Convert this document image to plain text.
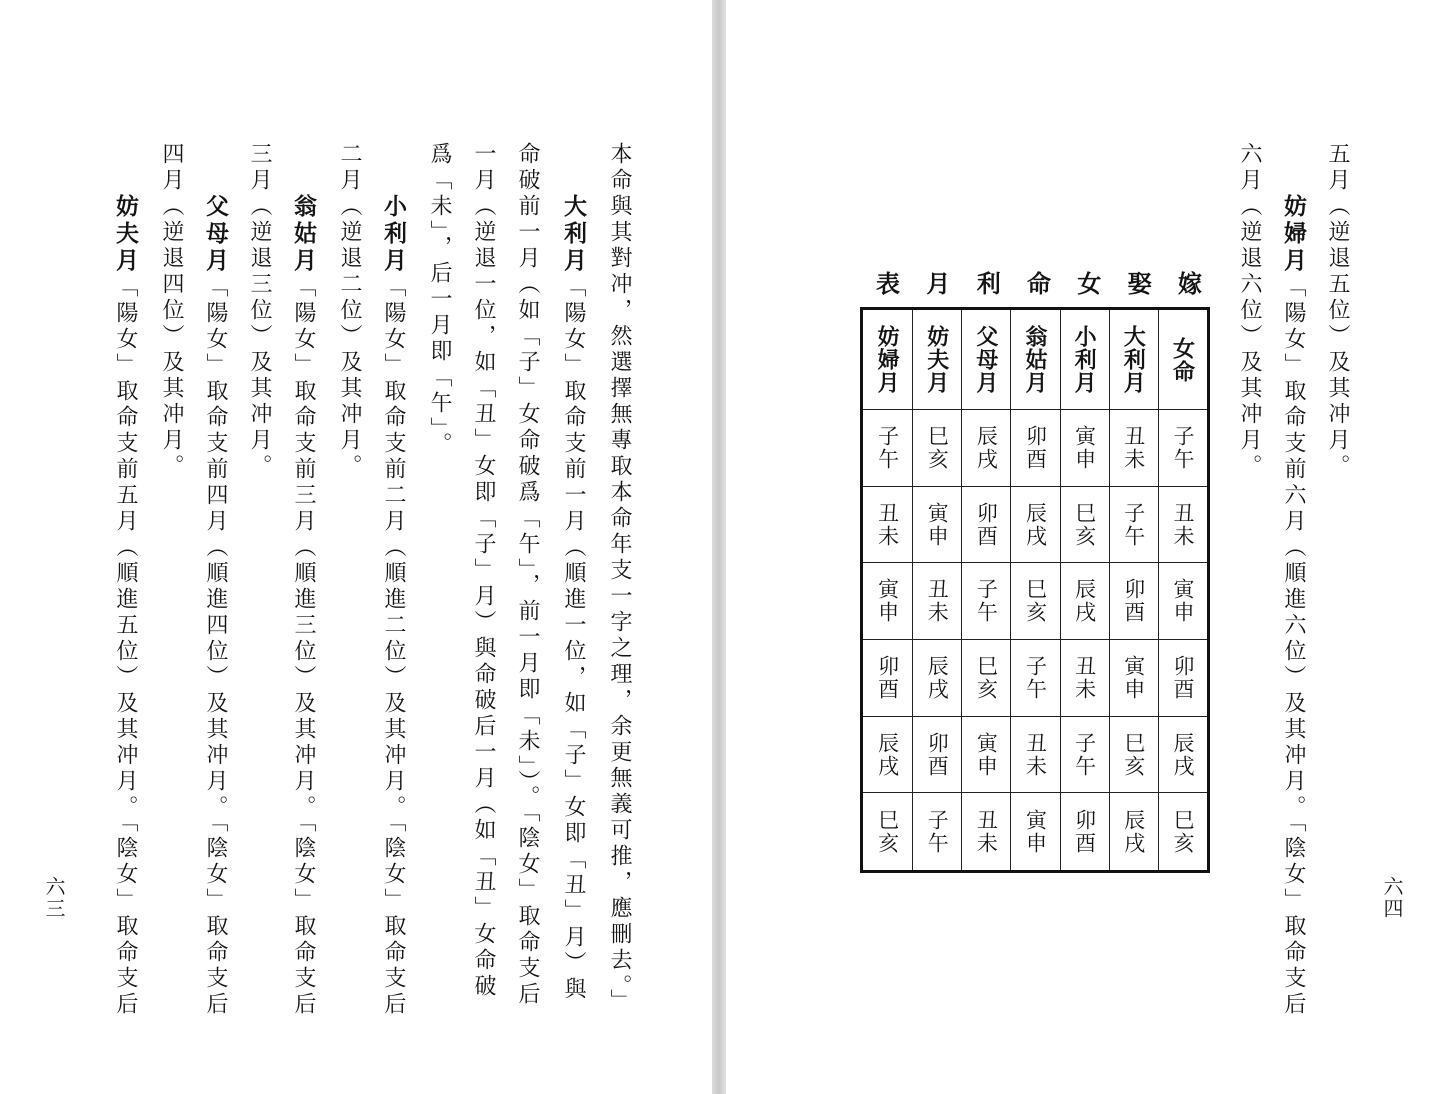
本命與其對冲，然選擇無專取本命年支一字之理，余更無義可推，應刪去。」
命破前一月（如「子」女命破爲「午」，前一月即「未」）。「陰女」取命支后 大利月「陽女」取命支前一月（順進一位，如「子」女即「丑」月）與
一月（逆退一位，如「丑」女即「子」月）與命破后一月（如「丑」女命破
爲「未」，后一月即「午」。
小利月「陽女」取命支前二月（順進二位）及其冲月。「陰女」取命支后
二月（逆退二位）及其冲月。
翁姑月「陽女」取命支前三月（順進三位）及其冲月。「陰女」取命支后
三月（逆退三位）及其冲月。
父母月「陽女」取命支前四月（順進四位）及其冲月。「陰女」取命支后
四月（逆退四位）及其冲月。
妨夫月「陽女」取命支前五月（順進五位）及其冲月。「陰女」取命支后
六三
五月（逆退五位）及其冲月。
妨婦月「陽女」取命支前六月（順進六位）及其冲月。「陰女」取命支后
六月（逆退六位）及其冲月。
六四
嫁
娶
女
命
利
月
表
女命
大利月
小利月
翁姑月
父母月
妨夫月
妨婦月
子午
丑未
寅申
卯酉
辰戌
巳亥
子午
丑未
子午
巳亥
辰戌
卯酉
寅申
丑未
寅申
卯酉
辰戌
巳亥
子午
丑未
寅申
卯酉
寅申
丑未
子午
巳亥
辰戌
卯酉
辰戌
巳亥
子午
丑未
寅申
卯酉
辰戌
巳亥
辰戌
卯酉
寅申
丑未
子午
巳亥
